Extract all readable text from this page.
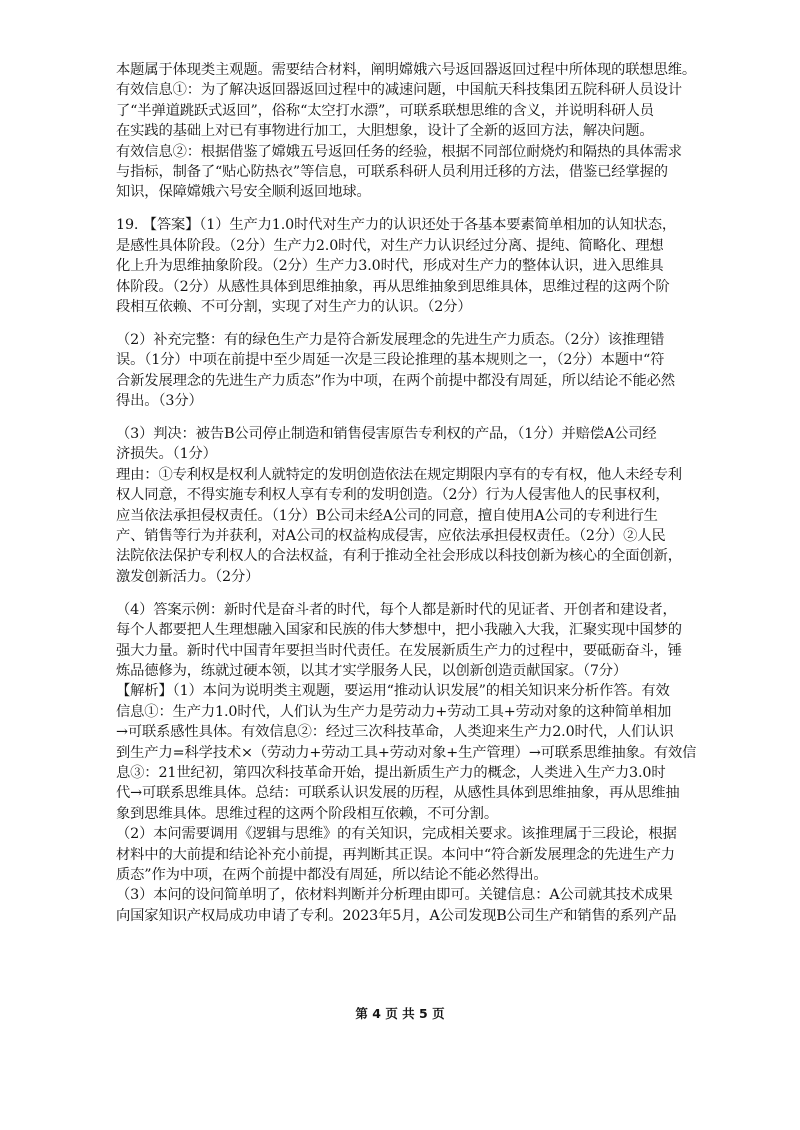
本题属于体现类主观题。需要结合材料，阐明嫦娥六号返回器返回过程中所体现的联想思维。
有效信息①：为了解决返回器返回过程中的减速问题，中国航天科技集团五院科研人员设计
了“半弹道跳跃式返回”，俗称“太空打水漂”，可联系联想思维的含义，并说明科研人员
在实践的基础上对已有事物进行加工，大胆想象，设计了全新的返回方法，解决问题。
有效信息②：根据借鉴了嫦娥五号返回任务的经验，根据不同部位耐烧灼和隔热的具体需求
与指标，制备了“贴心防热衣”等信息，可联系科研人员利用迁移的方法，借鉴已经掌握的
知识，保障嫦娥六号安全顺利返回地球。
19. 【答案】（1）生产力1.0时代对生产力的认识还处于各基本要素简单相加的认知状态，
是感性具体阶段。（2分）生产力2.0时代，对生产力认识经过分离、提纯、简略化、理想
化上升为思维抽象阶段。（2分）生产力3.0时代，形成对生产力的整体认识，进入思维具
体阶段。（2分）从感性具体到思维抽象，再从思维抽象到思维具体，思维过程的这两个阶
段相互依赖、不可分割，实现了对生产力的认识。（2分）
（2）补充完整：有的绿色生产力是符合新发展理念的先进生产力质态。（2分）该推理错
误。（1分）中项在前提中至少周延一次是三段论推理的基本规则之一，（2分）本题中“符
合新发展理念的先进生产力质态”作为中项，在两个前提中都没有周延，所以结论不能必然
得出。（3分）
（3）判决：被告B公司停止制造和销售侵害原告专利权的产品，（1分）并赔偿A公司经
济损失。（1分）
理由：①专利权是权利人就特定的发明创造依法在规定期限内享有的专有权，他人未经专利
权人同意，不得实施专利权人享有专利的发明创造。（2分）行为人侵害他人的民事权利，
应当依法承担侵权责任。（1分）B公司未经A公司的同意，擅自使用A公司的专利进行生
产、销售等行为并获利，对A公司的权益构成侵害，应依法承担侵权责任。（2分）②人民
法院依法保护专利权人的合法权益，有利于推动全社会形成以科技创新为核心的全面创新，
激发创新活力。（2分）
（4）答案示例：新时代是奋斗者的时代，每个人都是新时代的见证者、开创者和建设者，
每个人都要把人生理想融入国家和民族的伟大梦想中，把小我融入大我，汇聚实现中国梦的
强大力量。新时代中国青年要担当时代责任。在发展新质生产力的过程中，要砥砺奋斗，锤
炼品德修为，练就过硬本领，以其才实学服务人民，以创新创造贡献国家。（7分）
【解析】（1）本问为说明类主观题，要运用“推动认识发展”的相关知识来分析作答。有效
信息①：生产力1.0时代，人们认为生产力是劳动力+劳动工具+劳动对象的这种简单相加
→可联系感性具体。有效信息②：经过三次科技革命，人类迎来生产力2.0时代，人们认识
到生产力=科学技术×（劳动力+劳动工具+劳动对象+生产管理）→可联系思维抽象。有效信
息③：21世纪初，第四次科技革命开始，提出新质生产力的概念，人类进入生产力3.0时
代→可联系思维具体。总结：可联系认识发展的历程，从感性具体到思维抽象，再从思维抽
象到思维具体。思维过程的这两个阶段相互依赖，不可分割。
（2）本问需要调用《逻辑与思维》的有关知识，完成相关要求。该推理属于三段论，根据
材料中的大前提和结论补充小前提，再判断其正误。本问中“符合新发展理念的先进生产力
质态”作为中项，在两个前提中都没有周延，所以结论不能必然得出。
（3）本问的设问简单明了，依材料判断并分析理由即可。关键信息：A公司就其技术成果
向国家知识产权局成功申请了专利。2023年5月，A公司发现B公司生产和销售的系列产品
第 4 页 共 5 页
